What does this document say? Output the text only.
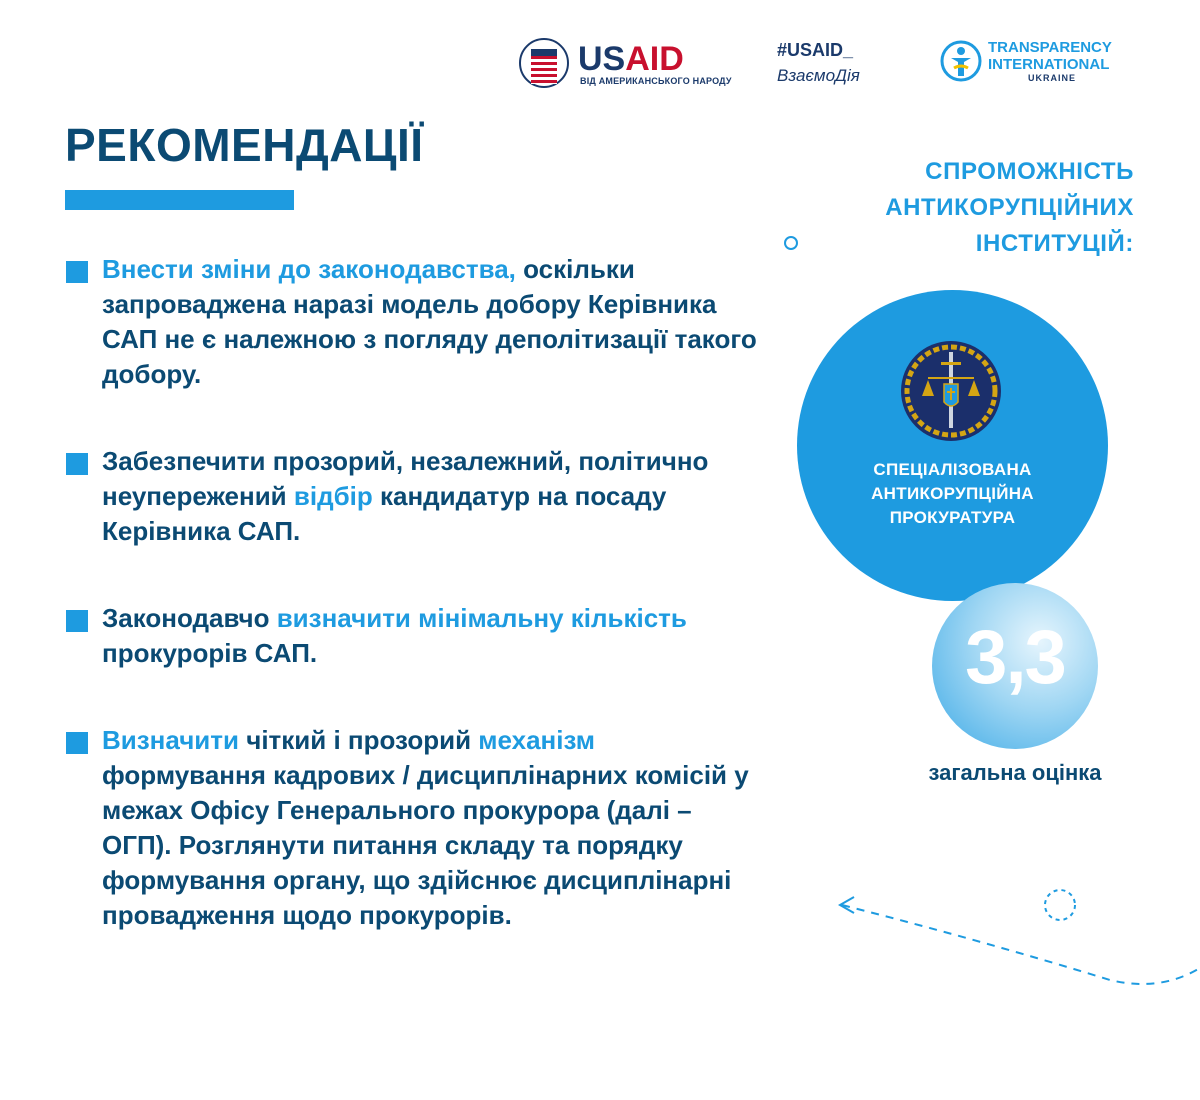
USAID
ВІД АМЕРИКАНСЬКОГО НАРОДУ
#USAID_
ВзаємоДія
TRANSPARENCY
INTERNATIONAL
UKRAINE
РЕКОМЕНДАЦІЇ
Внести зміни до законодавства, оскільки запроваджена наразі модель добору Керівника САП не є належною з погляду деполітизації такого добору.
Забезпечити прозорий, незалежний, політично неупережений відбір кандидатур на посаду Керівника САП.
Законодавчо визначити мінімальну кількість прокурорів САП.
Визначити чіткий і прозорий механізм формування кадрових / дисциплінарних комісій у межах Офісу Генерального прокурора (далі – ОГП). Розглянути питання складу та порядку формування органу, що здійснює дисциплінарні провадження щодо прокурорів.
СПРОМОЖНІСТЬ
АНТИКОРУПЦІЙНИХ
ІНСТИТУЦІЙ:
СПЕЦІАЛІЗОВАНА
АНТИКОРУПЦІЙНА
ПРОКУРАТУРА
3,3
загальна оцінка
